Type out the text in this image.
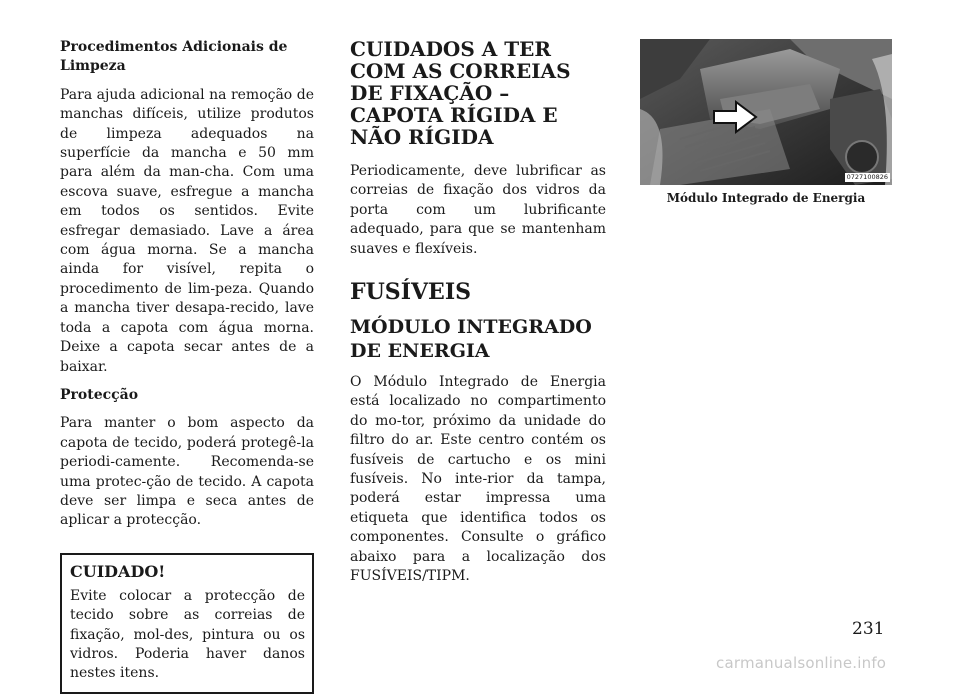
Procedimentos Adicionais de Limpeza

Para ajuda adicional na remoção de manchas difíceis, utilize produtos de limpeza adequados na superfície da mancha e 50 mm para além da man-cha. Com uma escova suave, esfregue a mancha em todos os sentidos. Evite esfregar demasiado. Lave a área com água morna. Se a mancha ainda for visível, repita o procedimento de lim-peza. Quando a mancha tiver desapa-recido, lave toda a capota com água morna. Deixe a capota secar antes de a baixar.

Protecção

Para manter o bom aspecto da capota de tecido, poderá protegê-la periodi-camente. Recomenda-se uma protec-ção de tecido. A capota deve ser limpa e seca antes de aplicar a protecção.

CUIDADO!

Evite colocar a protecção de tecido sobre as correias de fixação, mol-des, pintura ou os vidros. Poderia haver danos nestes itens.

CUIDADOS A TER COM AS CORREIAS DE FIXAÇÃO – CAPOTA RÍGIDA E NÃO RÍGIDA

Periodicamente, deve lubrificar as correias de fixação dos vidros da porta com um lubrificante adequado, para que se mantenham suaves e flexíveis.

FUSÍVEIS
MÓDULO INTEGRADO DE ENERGIA

O Módulo Integrado de Energia está localizado no compartimento do mo-tor, próximo da unidade do filtro do ar. Este centro contém os fusíveis de cartucho e os mini fusíveis. No inte-rior da tampa, poderá estar impressa uma etiqueta que identifica todos os componentes. Consulte o gráfico abaixo para a localização dos FUSÍVEIS/TIPM.

0727100826
Módulo Integrado de Energia
231
carmanualsonline.info
